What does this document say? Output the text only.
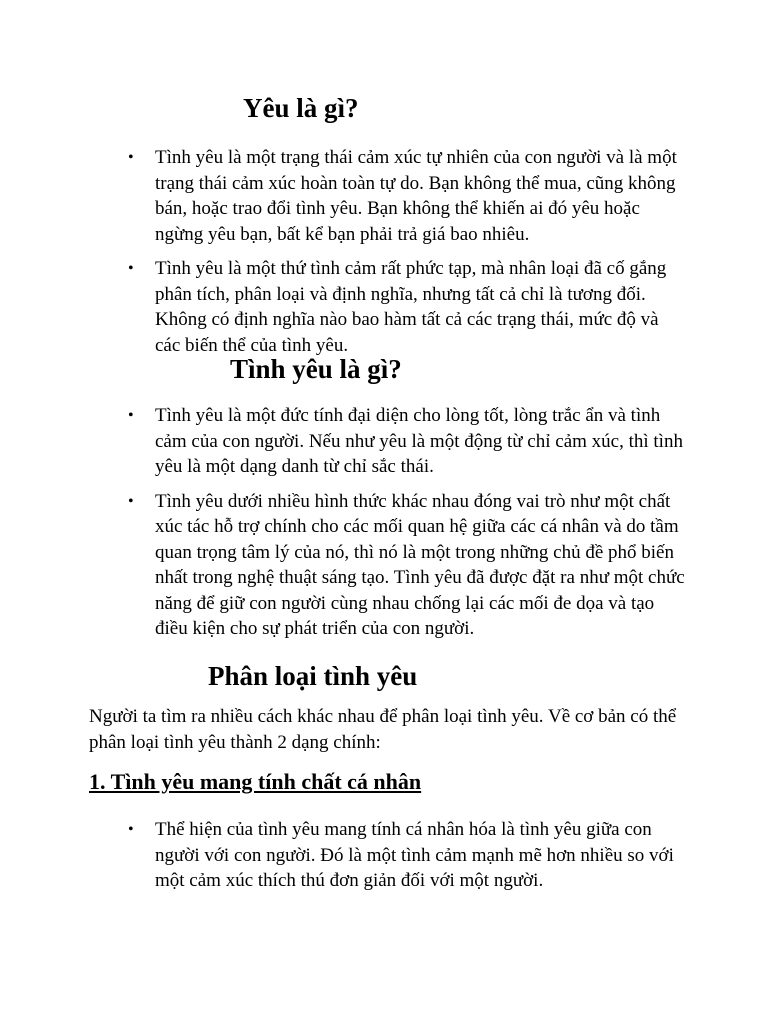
Yêu là gì?
• Tình yêu là một trạng thái cảm xúc tự nhiên của con người và là một trạng thái cảm xúc hoàn toàn tự do. Bạn không thể mua, cũng không bán, hoặc trao đổi tình yêu. Bạn không thể khiến ai đó yêu hoặc ngừng yêu bạn, bất kể bạn phải trả giá bao nhiêu.
• Tình yêu là một thứ tình cảm rất phức tạp, mà nhân loại đã cố gắng phân tích, phân loại và định nghĩa, nhưng tất cả chỉ là tương đối. Không có định nghĩa nào bao hàm tất cả các trạng thái, mức độ và các biến thể của tình yêu.
Tình yêu là gì?
• Tình yêu là một đức tính đại diện cho lòng tốt, lòng trắc ẩn và tình cảm của con người. Nếu như yêu là một động từ chỉ cảm xúc, thì tình yêu là một dạng danh từ chỉ sắc thái.
• Tình yêu dưới nhiều hình thức khác nhau đóng vai trò như một chất xúc tác hỗ trợ chính cho các mối quan hệ giữa các cá nhân và do tầm quan trọng tâm lý của nó, thì nó là một trong những chủ đề phổ biến nhất trong nghệ thuật sáng tạo. Tình yêu đã được đặt ra như một chức năng để giữ con người cùng nhau chống lại các mối đe dọa và tạo điều kiện cho sự phát triển của con người.
Phân loại tình yêu

Người ta tìm ra nhiều cách khác nhau để phân loại tình yêu. Về cơ bản có thể phân loại tình yêu thành 2 dạng chính:

1. Tình yêu mang tính chất cá nhân
• Thể hiện của tình yêu mang tính cá nhân hóa là tình yêu giữa con người với con người. Đó là một tình cảm mạnh mẽ hơn nhiều so với một cảm xúc thích thú đơn giản đối với một người.
